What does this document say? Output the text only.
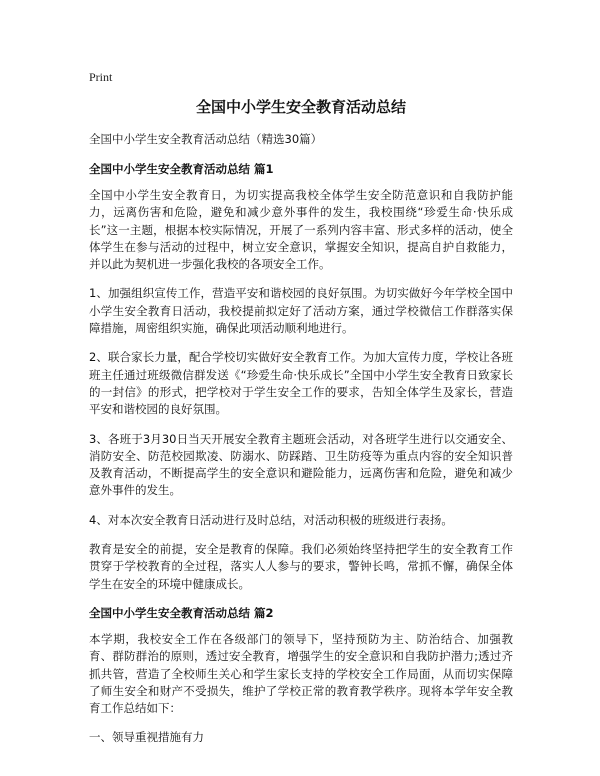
Print
全国中小学生安全教育活动总结

全国中小学生安全教育活动总结（精选30篇）

全国中小学生安全教育活动总结 篇1

全国中小学生安全教育日，为切实提高我校全体学生安全防范意识和自我防护能力，远离伤害和危险，避免和减少意外事件的发生，我校围绕“珍爱生命·快乐成长”这一主题，根据本校实际情况，开展了一系列内容丰富、形式多样的活动，使全体学生在参与活动的过程中，树立安全意识，掌握安全知识，提高自护自救能力，并以此为契机进一步强化我校的各项安全工作。

1、加强组织宣传工作，营造平安和谐校园的良好氛围。为切实做好今年学校全国中小学生安全教育日活动，我校提前拟定好了活动方案，通过学校微信工作群落实保障措施，周密组织实施，确保此项活动顺利地进行。

2、联合家长力量，配合学校切实做好安全教育工作。为加大宣传力度，学校让各班班主任通过班级微信群发送《“珍爱生命·快乐成长”全国中小学生安全教育日致家长的一封信》的形式，把学校对于学生安全工作的要求，告知全体学生及家长，营造平安和谐校园的良好氛围。

3、各班于3月30日当天开展安全教育主题班会活动，对各班学生进行以交通安全、消防安全、防范校园欺凌、防溺水、防踩踏、卫生防疫等为重点内容的安全知识普及教育活动，不断提高学生的安全意识和避险能力，远离伤害和危险，避免和减少意外事件的发生。

4、对本次安全教育日活动进行及时总结，对活动积极的班级进行表扬。

教育是安全的前提，安全是教育的保障。我们必须始终坚持把学生的安全教育工作贯穿于学校教育的全过程，落实人人参与的要求，警钟长鸣，常抓不懈，确保全体学生在安全的环境中健康成长。

全国中小学生安全教育活动总结 篇2

本学期，我校安全工作在各级部门的领导下，坚持预防为主、防治结合、加强教育、群防群治的原则，透过安全教育，增强学生的安全意识和自我防护潜力;透过齐抓共管，营造了全校师生关心和学生家长支持的学校安全工作局面，从而切实保障了师生安全和财产不受损失，维护了学校正常的教育教学秩序。现将本学年安全教育工作总结如下：

一、领导重视措施有力
